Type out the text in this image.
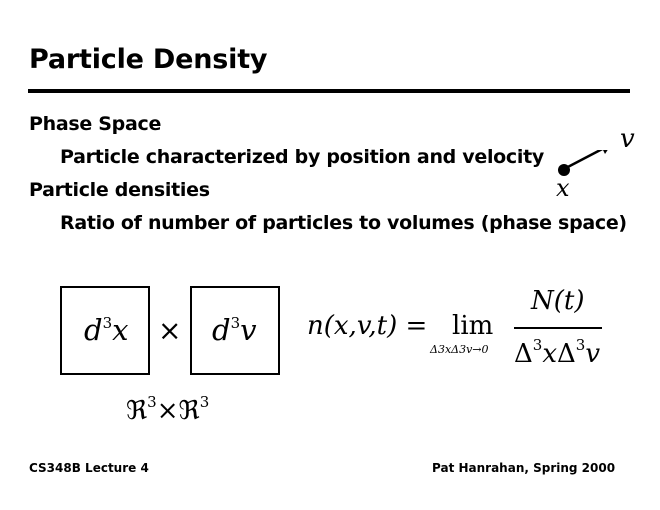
Particle Density
Phase Space
Particle characterized by position and velocity
Particle densities
Ratio of number of particles to volumes (phase space)
v
x
$d^3x \times d^3v$
ℜ$^3$×ℜ$^3$
n(x,v,t) = lim
Δ3xΔ3v→0
N(t)
$\Delta^3x\Delta^3v$
CS348B Lecture 4	Pat Hanrahan, Spring 2000
